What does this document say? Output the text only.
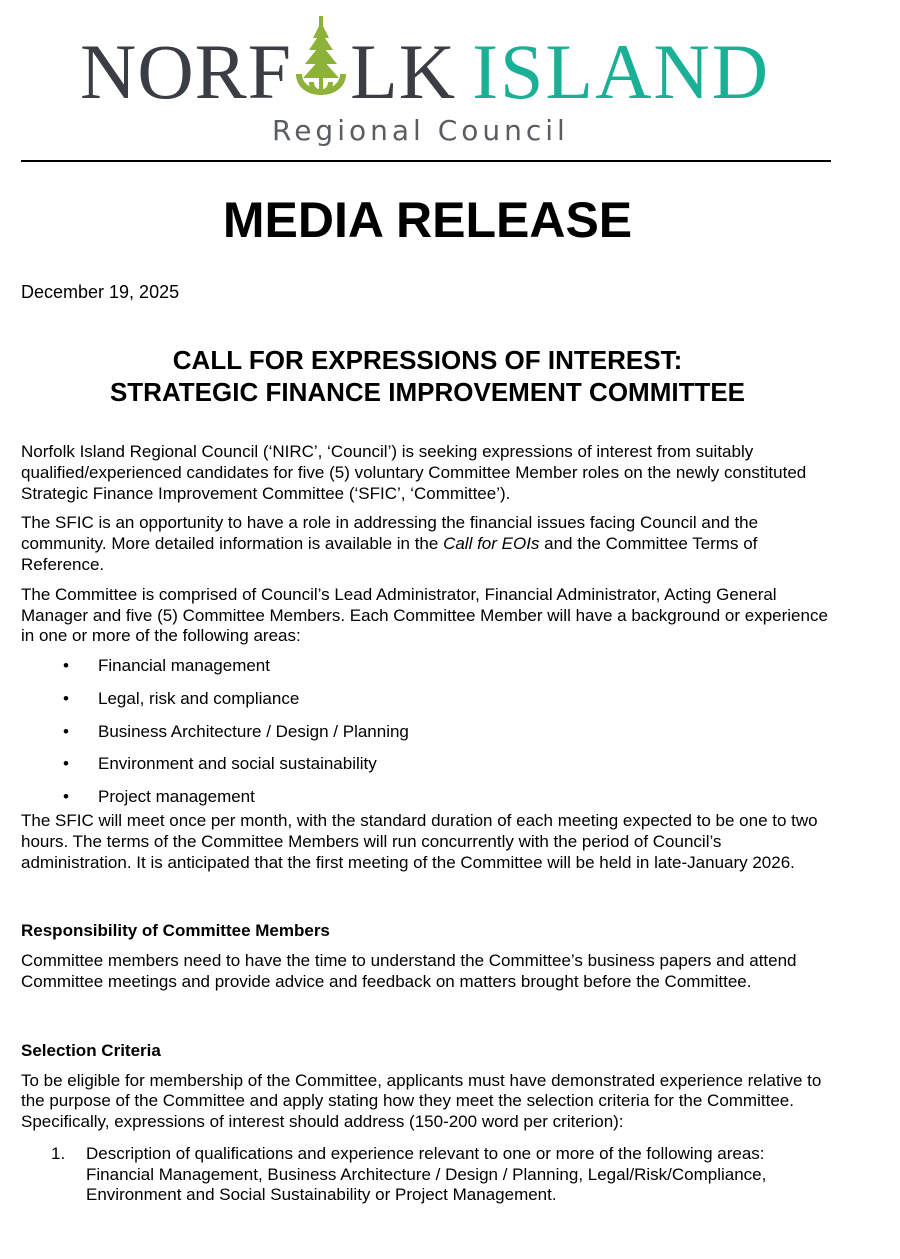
NORF LK ISLAND
Regional Council
MEDIA RELEASE
December 19, 2025
CALL FOR EXPRESSIONS OF INTEREST:
STRATEGIC FINANCE IMPROVEMENT COMMITTEE

Norfolk Island Regional Council (‘NIRC’, ‘Council’) is seeking expressions of interest from suitably qualified/experienced candidates for five (5) voluntary Committee Member roles on the newly constituted Strategic Finance Improvement Committee (‘SFIC’, ‘Committee’).

The SFIC is an opportunity to have a role in addressing the financial issues facing Council and the community. More detailed information is available in the Call for EOIs and the Committee Terms of Reference.

The Committee is comprised of Council’s Lead Administrator, Financial Administrator, Acting General Manager and five (5) Committee Members. Each Committee Member will have a background or experience in one or more of the following areas:

• Financial management
• Legal, risk and compliance
• Business Architecture / Design / Planning
• Environment and social sustainability
• Project management

The SFIC will meet once per month, with the standard duration of each meeting expected to be one to two hours. The terms of the Committee Members will run concurrently with the period of Council’s administration. It is anticipated that the first meeting of the Committee will be held in late-January 2026.

Responsibility of Committee Members

Committee members need to have the time to understand the Committee’s business papers and attend Committee meetings and provide advice and feedback on matters brought before the Committee.

Selection Criteria

To be eligible for membership of the Committee, applicants must have demonstrated experience relative to the purpose of the Committee and apply stating how they meet the selection criteria for the Committee. Specifically, expressions of interest should address (150-200 word per criterion):

1. Description of qualifications and experience relevant to one or more of the following areas: Financial Management, Business Architecture / Design / Planning, Legal/Risk/Compliance, Environment and Social Sustainability or Project Management.
